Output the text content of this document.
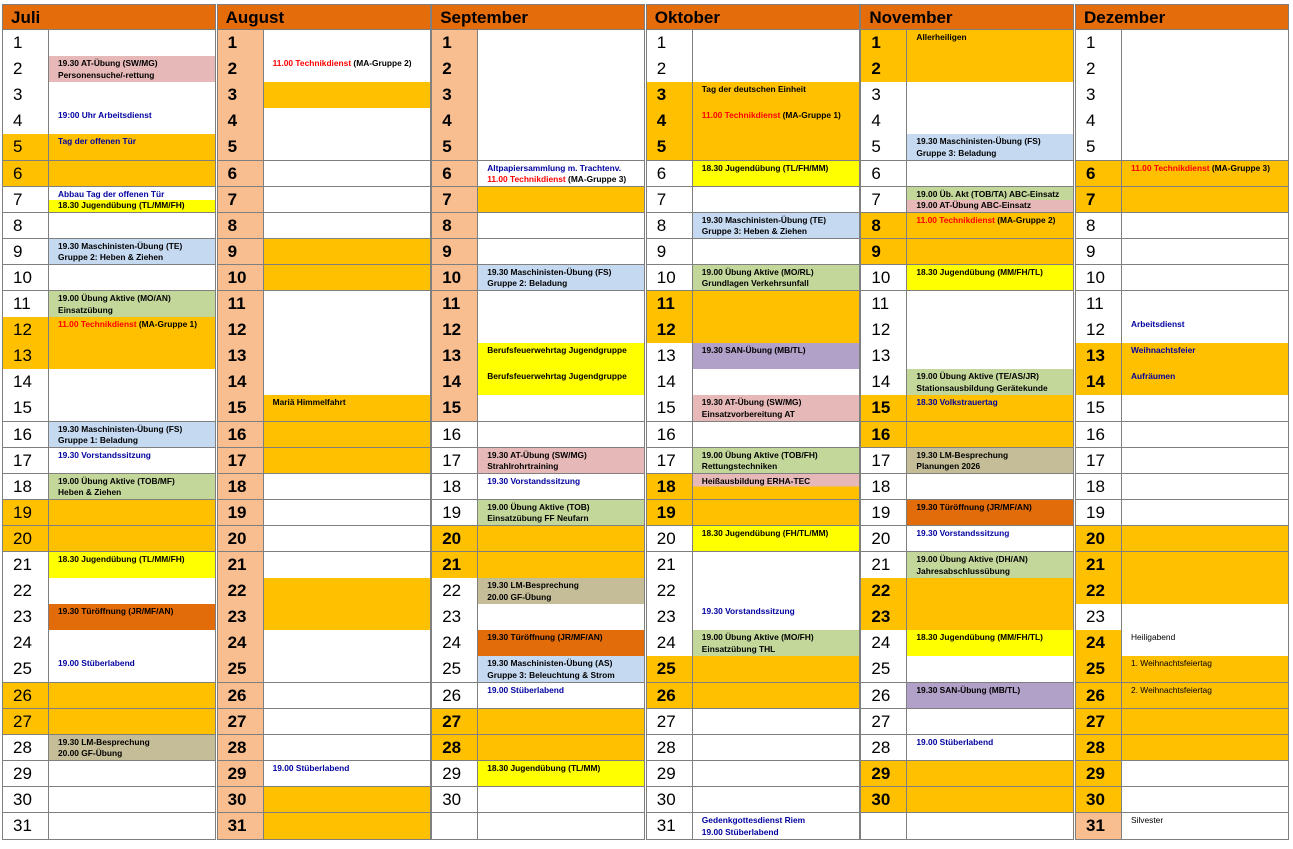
Juli
1
2	19.30 AT-Übung (SW/MG)
Personensuche/-rettung
3
4	19:00 Uhr Arbeitsdienst
5	Tag der offenen Tür
6
7	Abbau Tag der offenen Tür
18.30 Jugendübung (TL/MM/FH)
8
9	19.30 Maschinisten-Übung (TE)
Gruppe 2: Heben & Ziehen
10
11	19.00 Übung Aktive (MO/AN)
Einsatzübung
12	11.00 Technikdienst (MA-Gruppe 1)
13
14
15
16	19.30 Maschinisten-Übung (FS)
Gruppe 1: Beladung
17	19.30 Vorstandssitzung
18	19.00 Übung Aktive (TOB/MF)
Heben & Ziehen
19
20
21	18.30 Jugendübung (TL/MM/FH)
22
23	19.30 Türöffnung (JR/MF/AN)
24
25	19.00 Stüberlabend
26
27
28	19.30 LM-Besprechung
20.00 GF-Übung
29
30
31
August
1
2	11.00 Technikdienst (MA-Gruppe 2)
3
4
5
6
7
8
9
10
11
12
13
14
15	Mariä Himmelfahrt
16
17
18
19
20
21
22
23
24
25
26
27
28
29	19.00 Stüberlabend
30
31
September
1
2
3
4
5
6	Altpapiersammlung m. Trachtenv.
11.00 Technikdienst (MA-Gruppe 3)
7
8
9
10	19.30 Maschinisten-Übung (FS)
Gruppe 2: Beladung
11
12
13	Berufsfeuerwehrtag Jugendgruppe
14	Berufsfeuerwehrtag Jugendgruppe
15
16
17	19.30 AT-Übung (SW/MG)
Strahlrohrtraining
18	19.30 Vorstandssitzung
19	19.00 Übung Aktive (TOB)
Einsatzübung FF Neufarn
20
21
22	19.30 LM-Besprechung
20.00 GF-Übung
23
24	19.30 Türöffnung (JR/MF/AN)
25	19.30 Maschinisten-Übung (AS)
Gruppe 3: Beleuchtung & Strom
26	19.00 Stüberlabend
27
28
29	18.30 Jugendübung (TL/MM)
30
Oktober
1
2
3	Tag der deutschen Einheit
4	11.00 Technikdienst (MA-Gruppe 1)
5
6	18.30 Jugendübung (TL/FH/MM)
7
8	19.30 Maschinisten-Übung (TE)
Gruppe 3: Heben & Ziehen
9
10	19.00 Übung Aktive (MO/RL)
Grundlagen Verkehrsunfall
11
12
13	19.30 SAN-Übung (MB/TL)
14
15	19.30 AT-Übung (SW/MG)
Einsatzvorbereitung AT
16
17	19.00 Übung Aktive (TOB/FH)
Rettungstechniken
18	Heißausbildung ERHA-TEC
19
20	18.30 Jugendübung (FH/TL/MM)
21
22
23	19.30 Vorstandssitzung
24	19.00 Übung Aktive (MO/FH)
Einsatzübung THL
25
26
27
28
29
30
31	Gedenkgottesdienst Riem
19.00 Stüberlabend
November
1	Allerheiligen
2
3
4
5	19.30 Maschinisten-Übung (FS)
Gruppe 3: Beladung
6
7	19.00 Üb. Akt (TOB/TA) ABC-Einsatz
19.00 AT-Übung ABC-Einsatz
8	11.00 Technikdienst (MA-Gruppe 2)
9
10	18.30 Jugendübung (MM/FH/TL)
11
12
13
14	19.00 Übung Aktive (TE/AS/JR)
Stationsausbildung Gerätekunde
15	18.30 Volkstrauertag
16
17	19.30 LM-Besprechung
Planungen 2026
18
19	19.30 Türöffnung (JR/MF/AN)
20	19.30 Vorstandssitzung
21	19.00 Übung Aktive (DH/AN)
Jahresabschlussübung
22
23
24	18.30 Jugendübung (MM/FH/TL)
25
26	19.30 SAN-Übung (MB/TL)
27
28	19.00 Stüberlabend
29
30
Dezember
1
2
3
4
5
6	11.00 Technikdienst (MA-Gruppe 3)
7
8
9
10
11
12	Arbeitsdienst
13	Weihnachtsfeier
14	Aufräumen
15
16
17
18
19
20
21
22
23
24	Heiligabend
25	1. Weihnachtsfeiertag
26	2. Weihnachtsfeiertag
27
28
29
30
31	Silvester
